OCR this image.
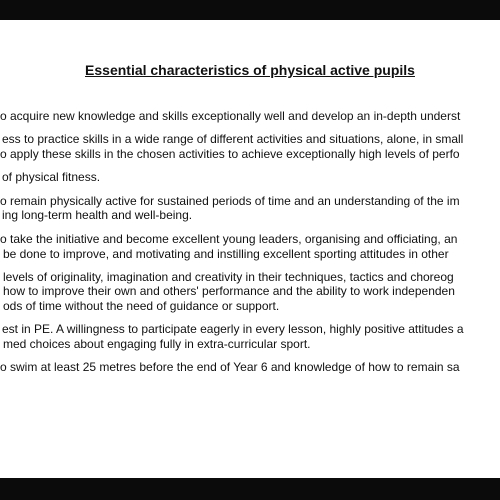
Essential characteristics of physical active pupils
o acquire new knowledge and skills exceptionally well and develop an in-depth underst
ess to practice skills in a wide range of different activities and situations, alone, in small
o apply these skills in the chosen activities to achieve exceptionally high levels of perfo
of physical fitness.
o remain physically active for sustained periods of time and an understanding of the im
ing long-term health and well-being.
o take the initiative and become excellent young leaders, organising and officiating, an
be done to improve, and motivating and instilling excellent sporting attitudes in other
levels of originality, imagination and creativity in their techniques, tactics and choreog
how to improve their own and others' performance and the ability to work independen
ods of time without the need of guidance or support.
est in PE. A willingness to participate eagerly in every lesson, highly positive attitudes a
med choices about engaging fully in extra-curricular sport.
o swim at least 25 metres before the end of Year 6 and knowledge of how to remain sa
